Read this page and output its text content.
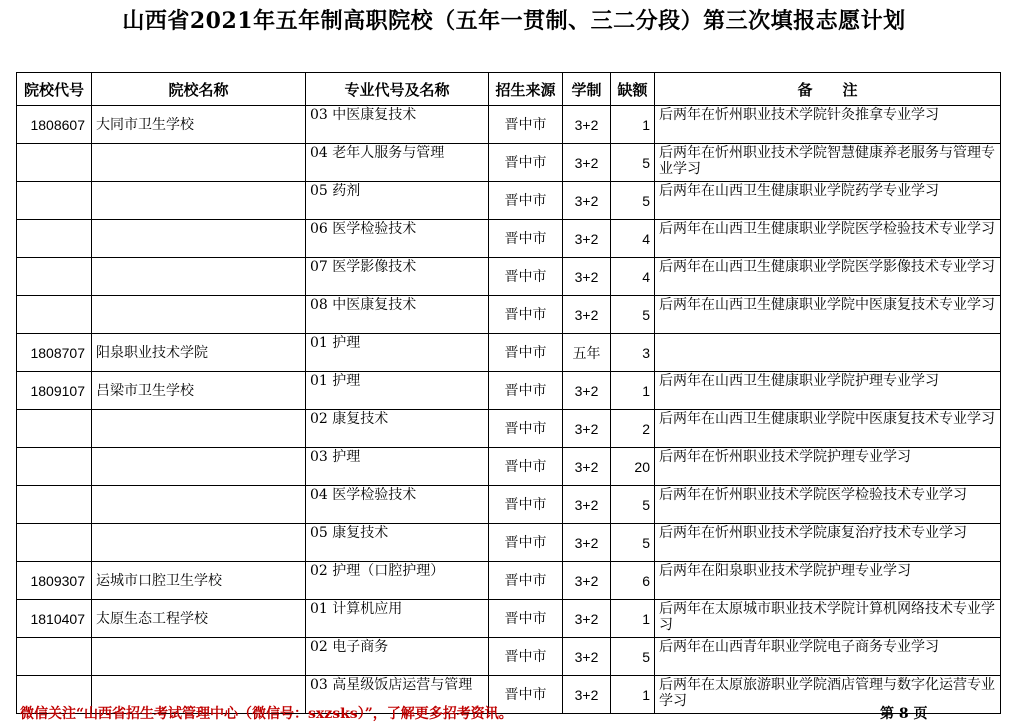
山西省2021年五年制高职院校（五年一贯制、三二分段）第三次填报志愿计划
院校代号	院校名称	专业代号及名称	招生来源	学制	缺额	备　　注
1808607	大同市卫生学校	03 中医康复技术	晋中市	3+2	1	后两年在忻州职业技术学院针灸推拿专业学习
		04 老年人服务与管理	晋中市	3+2	5	后两年在忻州职业技术学院智慧健康养老服务与管理专业学习
		05 药剂	晋中市	3+2	5	后两年在山西卫生健康职业学院药学专业学习
		06 医学检验技术	晋中市	3+2	4	后两年在山西卫生健康职业学院医学检验技术专业学习
		07 医学影像技术	晋中市	3+2	4	后两年在山西卫生健康职业学院医学影像技术专业学习
		08 中医康复技术	晋中市	3+2	5	后两年在山西卫生健康职业学院中医康复技术专业学习
1808707	阳泉职业技术学院	01 护理	晋中市	五年	3	
1809107	吕梁市卫生学校	01 护理	晋中市	3+2	1	后两年在山西卫生健康职业学院护理专业学习
		02 康复技术	晋中市	3+2	2	后两年在山西卫生健康职业学院中医康复技术专业学习
		03 护理	晋中市	3+2	20	后两年在忻州职业技术学院护理专业学习
		04 医学检验技术	晋中市	3+2	5	后两年在忻州职业技术学院医学检验技术专业学习
		05 康复技术	晋中市	3+2	5	后两年在忻州职业技术学院康复治疗技术专业学习
1809307	运城市口腔卫生学校	02 护理（口腔护理）	晋中市	3+2	6	后两年在阳泉职业技术学院护理专业学习
1810407	太原生态工程学校	01 计算机应用	晋中市	3+2	1	后两年在太原城市职业技术学院计算机网络技术专业学习
		02 电子商务	晋中市	3+2	5	后两年在山西青年职业学院电子商务专业学习
		03 高星级饭店运营与管理	晋中市	3+2	1	后两年在太原旅游职业学院酒店管理与数字化运营专业学习
微信关注“山西省招生考试管理中心（微信号：sxzsks）”，了解更多招考资讯。	第 8 页
